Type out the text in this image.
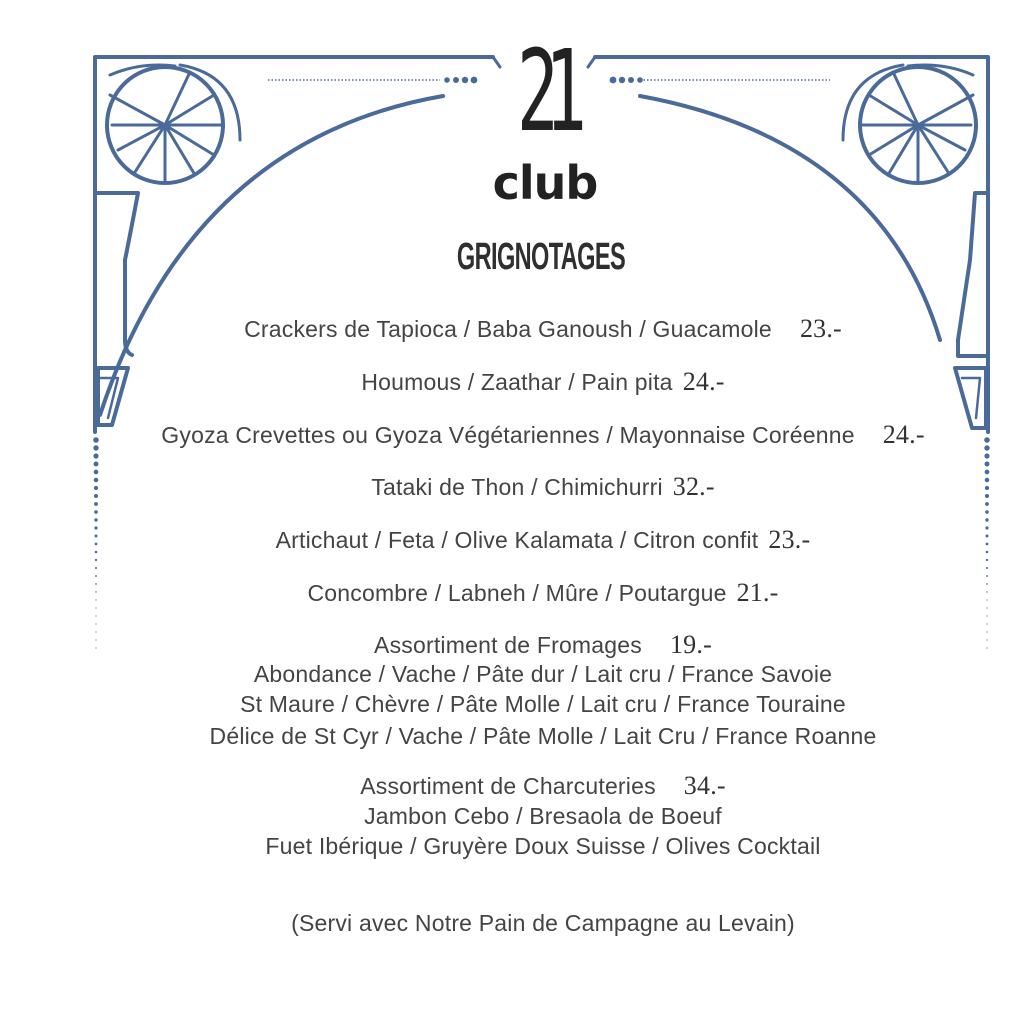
21
club
GRIGNOTAGES
Crackers de Tapioca / Baba Ganoush / Guacamole 23.-
Houmous / Zaathar / Pain pita 24.-
Gyoza Crevettes ou Gyoza Végétariennes / Mayonnaise Coréenne 24.-
Tataki de Thon / Chimichurri 32.-
Artichaut / Feta / Olive Kalamata / Citron confit 23.-
Concombre / Labneh / Mûre / Poutargue 21.-
Assortiment de Fromages 19.-
Abondance / Vache / Pâte dur / Lait cru / France Savoie
St Maure / Chèvre / Pâte Molle / Lait cru / France Touraine
Délice de St Cyr / Vache / Pâte Molle / Lait Cru / France Roanne
Assortiment de Charcuteries 34.-
Jambon Cebo / Bresaola de Boeuf
Fuet Ibérique / Gruyère Doux Suisse / Olives Cocktail
(Servi avec Notre Pain de Campagne au Levain)
